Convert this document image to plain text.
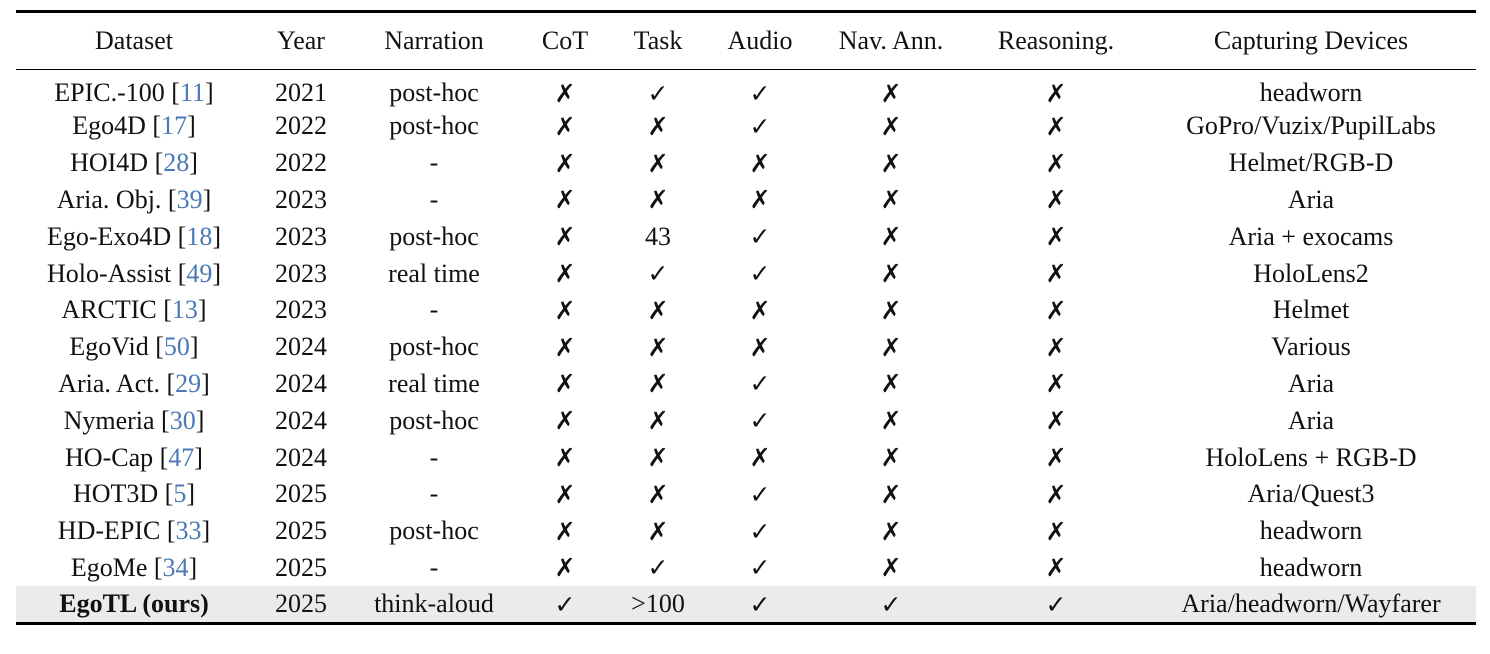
Dataset	Year	Narration	CoT	Task	Audio	Nav. Ann.	Reasoning.	Capturing Devices
EPIC.-100 [11]	2021	post-hoc	✗	✓	✓	✗	✗	headworn
Ego4D [17]	2022	post-hoc	✗	✗	✓	✗	✗	GoPro/Vuzix/PupilLabs
HOI4D [28]	2022	-	✗	✗	✗	✗	✗	Helmet/RGB-D
Aria. Obj. [39]	2023	-	✗	✗	✗	✗	✗	Aria
Ego-Exo4D [18]	2023	post-hoc	✗	43	✓	✗	✗	Aria + exocams
Holo-Assist [49]	2023	real time	✗	✓	✓	✗	✗	HoloLens2
ARCTIC [13]	2023	-	✗	✗	✗	✗	✗	Helmet
EgoVid [50]	2024	post-hoc	✗	✗	✗	✗	✗	Various
Aria. Act. [29]	2024	real time	✗	✗	✓	✗	✗	Aria
Nymeria [30]	2024	post-hoc	✗	✗	✓	✗	✗	Aria
HO-Cap [47]	2024	-	✗	✗	✗	✗	✗	HoloLens + RGB-D
HOT3D [5]	2025	-	✗	✗	✓	✗	✗	Aria/Quest3
HD-EPIC [33]	2025	post-hoc	✗	✗	✓	✗	✗	headworn
EgoMe [34]	2025	-	✗	✓	✓	✗	✗	headworn
EgoTL (ours)	2025	think-aloud	✓	>100	✓	✓	✓	Aria/headworn/Wayfarer
